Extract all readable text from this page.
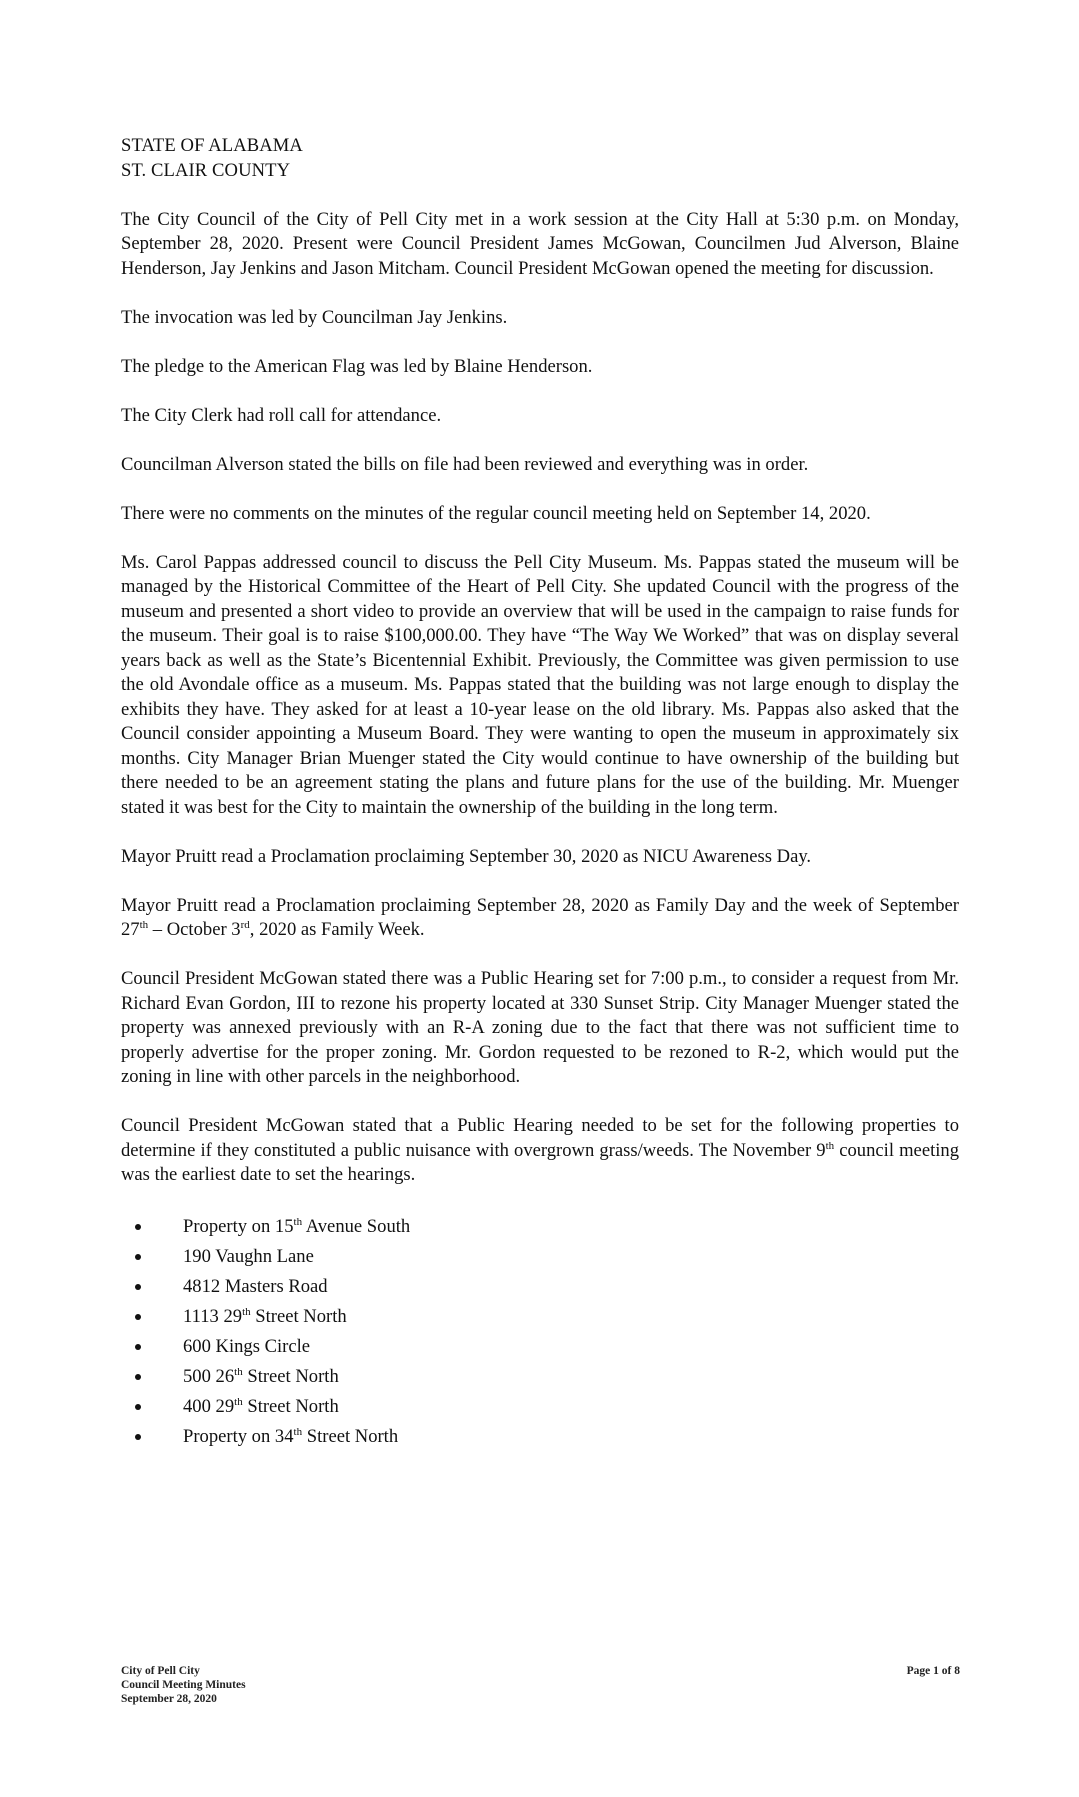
STATE OF ALABAMA

ST. CLAIR COUNTY

The City Council of the City of Pell City met in a work session at the City Hall at 5:30 p.m. on Monday, September 28, 2020. Present were Council President James McGowan, Councilmen Jud Alverson, Blaine Henderson, Jay Jenkins and Jason Mitcham. Council President McGowan opened the meeting for discussion.

The invocation was led by Councilman Jay Jenkins.

The pledge to the American Flag was led by Blaine Henderson.

The City Clerk had roll call for attendance.

Councilman Alverson stated the bills on file had been reviewed and everything was in order.

There were no comments on the minutes of the regular council meeting held on September 14, 2020.

Ms. Carol Pappas addressed council to discuss the Pell City Museum. Ms. Pappas stated the museum will be managed by the Historical Committee of the Heart of Pell City. She updated Council with the progress of the museum and presented a short video to provide an overview that will be used in the campaign to raise funds for the museum. Their goal is to raise $100,000.00. They have “The Way We Worked” that was on display several years back as well as the State’s Bicentennial Exhibit. Previously, the Committee was given permission to use the old Avondale office as a museum. Ms. Pappas stated that the building was not large enough to display the exhibits they have. They asked for at least a 10-year lease on the old library. Ms. Pappas also asked that the Council consider appointing a Museum Board. They were wanting to open the museum in approximately six months. City Manager Brian Muenger stated the City would continue to have ownership of the building but there needed to be an agreement stating the plans and future plans for the use of the building. Mr. Muenger stated it was best for the City to maintain the ownership of the building in the long term.

Mayor Pruitt read a Proclamation proclaiming September 30, 2020 as NICU Awareness Day.

Mayor Pruitt read a Proclamation proclaiming September 28, 2020 as Family Day and the week of September 27th – October 3rd, 2020 as Family Week.

Council President McGowan stated there was a Public Hearing set for 7:00 p.m., to consider a request from Mr. Richard Evan Gordon, III to rezone his property located at 330 Sunset Strip. City Manager Muenger stated the property was annexed previously with an R-A zoning due to the fact that there was not sufficient time to properly advertise for the proper zoning. Mr. Gordon requested to be rezoned to R-2, which would put the zoning in line with other parcels in the neighborhood.

Council President McGowan stated that a Public Hearing needed to be set for the following properties to determine if they constituted a public nuisance with overgrown grass/weeds. The November 9th council meeting was the earliest date to set the hearings.

Property on 15th Avenue South
190 Vaughn Lane
4812 Masters Road
1113 29th Street North
600 Kings Circle
500 26th Street North
400 29th Street North
Property on 34th Street North
City of Pell City
Council Meeting Minutes
September 28, 2020
Page 1 of 8
